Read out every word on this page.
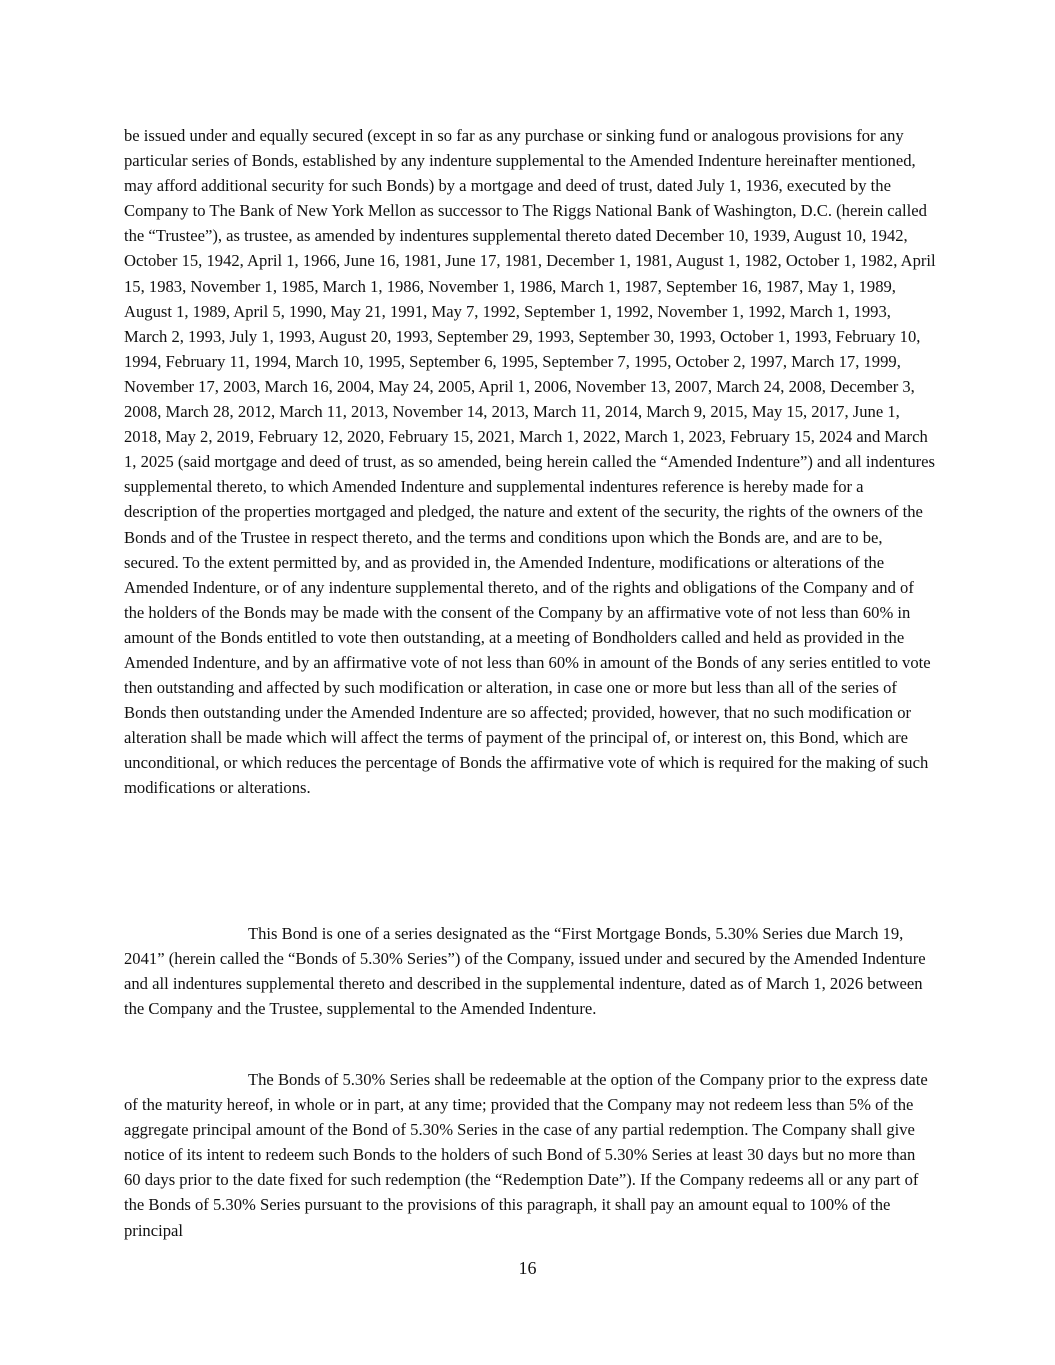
be issued under and equally secured (except in so far as any purchase or sinking fund or analogous provisions for any particular series of Bonds, established by any indenture supplemental to the Amended Indenture hereinafter mentioned, may afford additional security for such Bonds) by a mortgage and deed of trust, dated July 1, 1936, executed by the Company to The Bank of New York Mellon as successor to The Riggs National Bank of Washington, D.C. (herein called the “Trustee”), as trustee, as amended by indentures supplemental thereto dated December 10, 1939, August 10, 1942, October 15, 1942, April 1, 1966, June 16, 1981, June 17, 1981, December 1, 1981, August 1, 1982, October 1, 1982, April 15, 1983, November 1, 1985, March 1, 1986, November 1, 1986, March 1, 1987, September 16, 1987, May 1, 1989, August 1, 1989, April 5, 1990, May 21, 1991, May 7, 1992, September 1, 1992, November 1, 1992, March 1, 1993, March 2, 1993, July 1, 1993, August 20, 1993, September 29, 1993, September 30, 1993, October 1, 1993, February 10, 1994, February 11, 1994, March 10, 1995, September 6, 1995, September 7, 1995, October 2, 1997, March 17, 1999, November 17, 2003, March 16, 2004, May 24, 2005, April 1, 2006, November 13, 2007, March 24, 2008, December 3, 2008, March 28, 2012, March 11, 2013, November 14, 2013, March 11, 2014, March 9, 2015, May 15, 2017, June 1, 2018, May 2, 2019, February 12, 2020, February 15, 2021, March 1, 2022, March 1, 2023, February 15, 2024 and March 1, 2025 (said mortgage and deed of trust, as so amended, being herein called the “Amended Indenture”) and all indentures supplemental thereto, to which Amended Indenture and supplemental indentures reference is hereby made for a description of the properties mortgaged and pledged, the nature and extent of the security, the rights of the owners of the Bonds and of the Trustee in respect thereto, and the terms and conditions upon which the Bonds are, and are to be, secured. To the extent permitted by, and as provided in, the Amended Indenture, modifications or alterations of the Amended Indenture, or of any indenture supplemental thereto, and of the rights and obligations of the Company and of the holders of the Bonds may be made with the consent of the Company by an affirmative vote of not less than 60% in amount of the Bonds entitled to vote then outstanding, at a meeting of Bondholders called and held as provided in the Amended Indenture, and by an affirmative vote of not less than 60% in amount of the Bonds of any series entitled to vote then outstanding and affected by such modification or alteration, in case one or more but less than all of the series of Bonds then outstanding under the Amended Indenture are so affected; provided, however, that no such modification or alteration shall be made which will affect the terms of payment of the principal of, or interest on, this Bond, which are unconditional, or which reduces the percentage of Bonds the affirmative vote of which is required for the making of such modifications or alterations.

This Bond is one of a series designated as the “First Mortgage Bonds, 5.30% Series due March 19, 2041” (herein called the “Bonds of 5.30% Series”) of the Company, issued under and secured by the Amended Indenture and all indentures supplemental thereto and described in the supplemental indenture, dated as of March 1, 2026 between the Company and the Trustee, supplemental to the Amended Indenture.

The Bonds of 5.30% Series shall be redeemable at the option of the Company prior to the express date of the maturity hereof, in whole or in part, at any time; provided that the Company may not redeem less than 5% of the aggregate principal amount of the Bond of 5.30% Series in the case of any partial redemption. The Company shall give notice of its intent to redeem such Bonds to the holders of such Bond of 5.30% Series at least 30 days but no more than 60 days prior to the date fixed for such redemption (the “Redemption Date”). If the Company redeems all or any part of the Bonds of 5.30% Series pursuant to the provisions of this paragraph, it shall pay an amount equal to 100% of the principal

16
